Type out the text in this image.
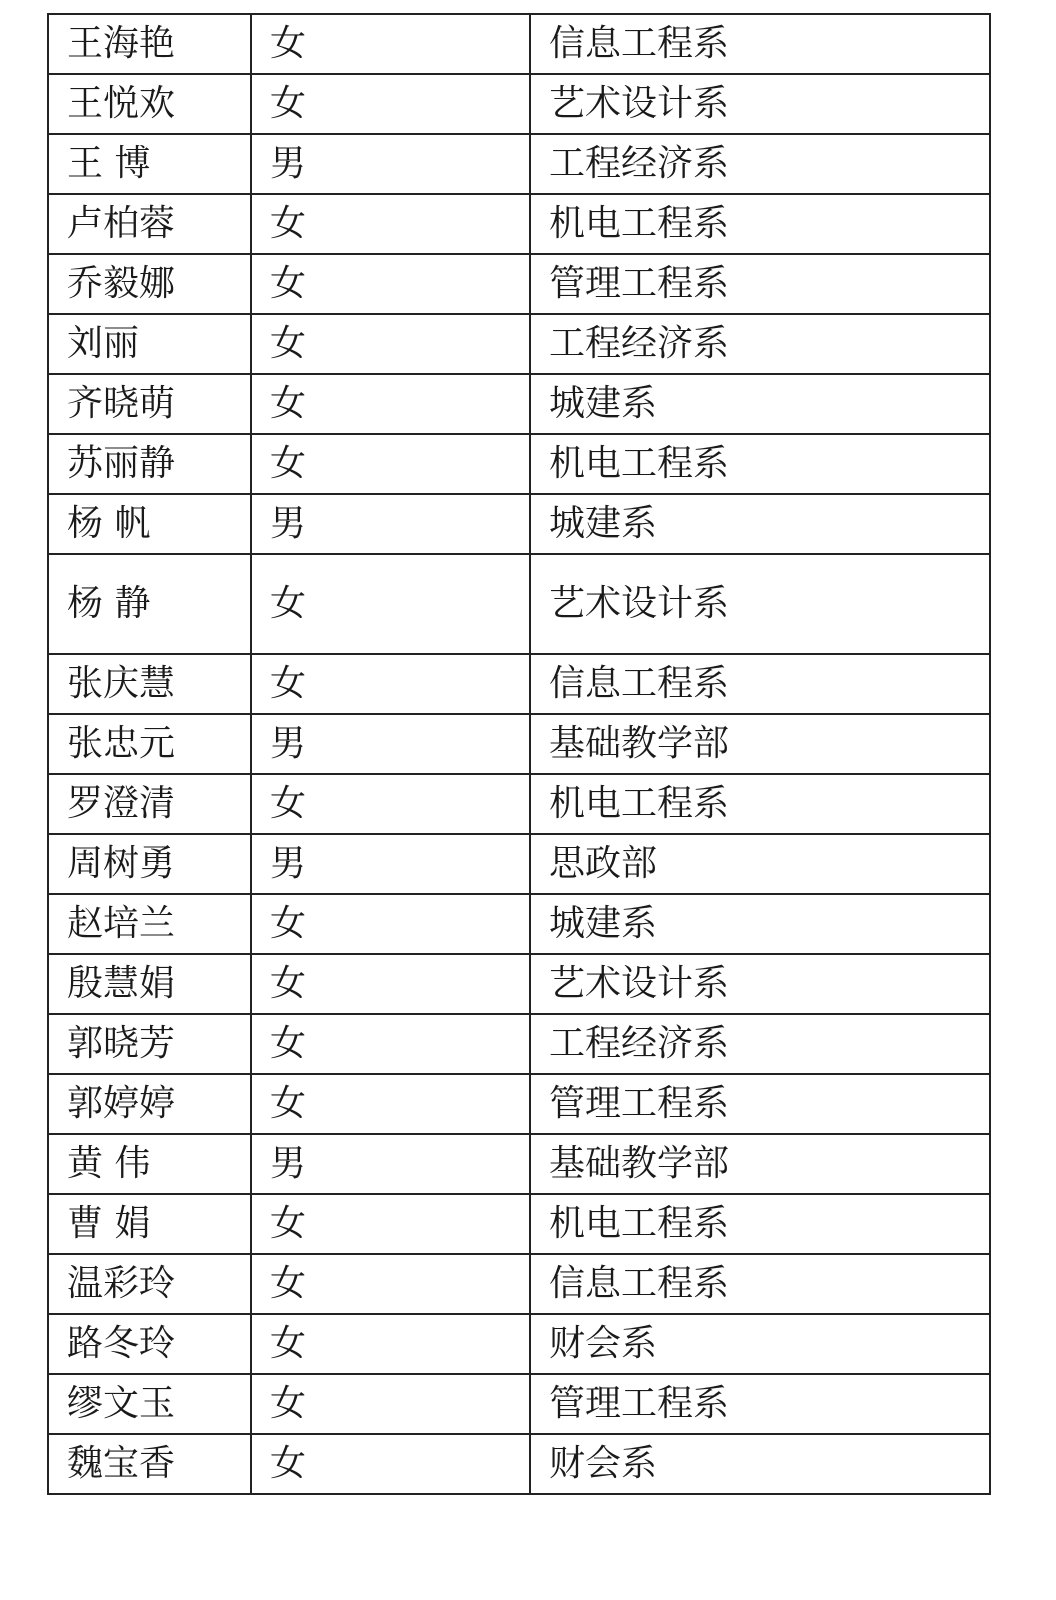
王海艳	女	信息工程系
王悦欢	女	艺术设计系
王 博	男	工程经济系
卢柏蓉	女	机电工程系
乔毅娜	女	管理工程系
刘丽	女	工程经济系
齐晓萌	女	城建系
苏丽静	女	机电工程系
杨 帆	男	城建系
杨 静	女	艺术设计系
张庆慧	女	信息工程系
张忠元	男	基础教学部
罗澄清	女	机电工程系
周树勇	男	思政部
赵培兰	女	城建系
殷慧娟	女	艺术设计系
郭晓芳	女	工程经济系
郭婷婷	女	管理工程系
黄 伟	男	基础教学部
曹 娟	女	机电工程系
温彩玲	女	信息工程系
路冬玲	女	财会系
缪文玉	女	管理工程系
魏宝香	女	财会系
